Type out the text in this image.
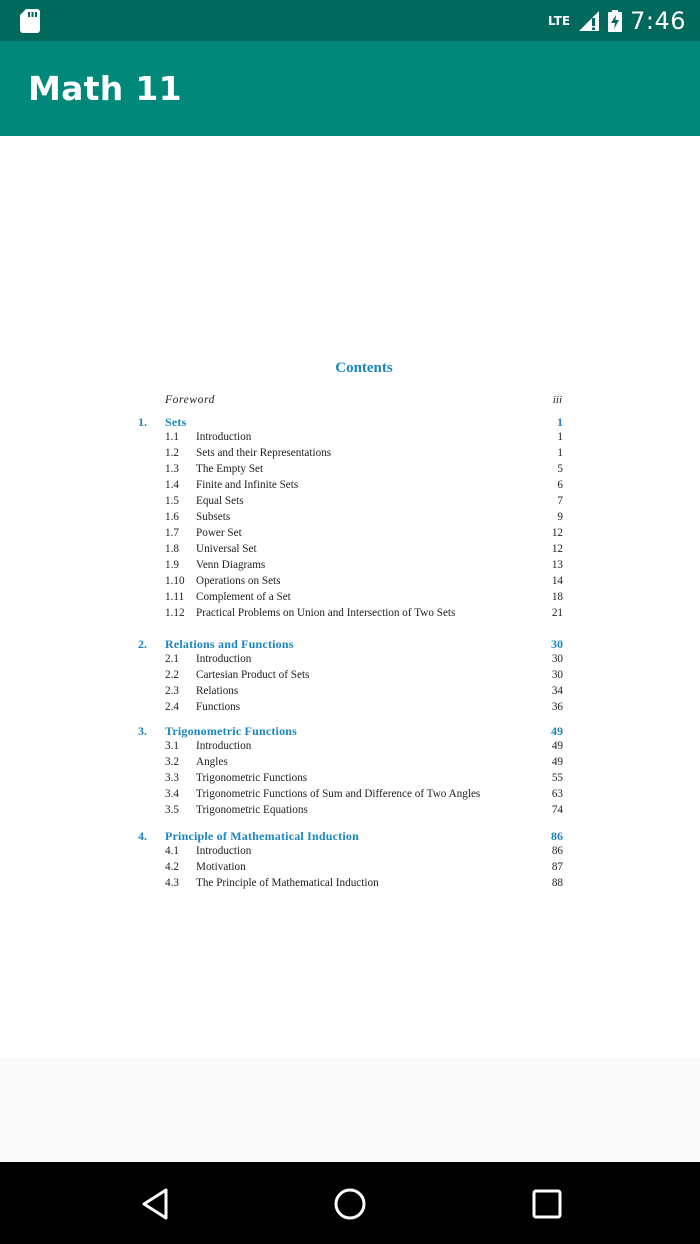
LTE	7:46
Math 11
Contents
Foreword	iii
1. Sets	1
1.1 Introduction	1
1.2 Sets and their Representations	1
1.3 The Empty Set	5
1.4 Finite and Infinite Sets	6
1.5 Equal Sets	7
1.6 Subsets	9
1.7 Power Set	12
1.8 Universal Set	12
1.9 Venn Diagrams	13
1.10 Operations on Sets	14
1.11 Complement of a Set	18
1.12 Practical Problems on Union and Intersection of Two Sets	21
2. Relations and Functions	30
2.1 Introduction	30
2.2 Cartesian Product of Sets	30
2.3 Relations	34
2.4 Functions	36
3. Trigonometric Functions	49
3.1 Introduction	49
3.2 Angles	49
3.3 Trigonometric Functions	55
3.4 Trigonometric Functions of Sum and Difference of Two Angles	63
3.5 Trigonometric Equations	74
4. Principle of Mathematical Induction	86
4.1 Introduction	86
4.2 Motivation	87
4.3 The Principle of Mathematical Induction	88
